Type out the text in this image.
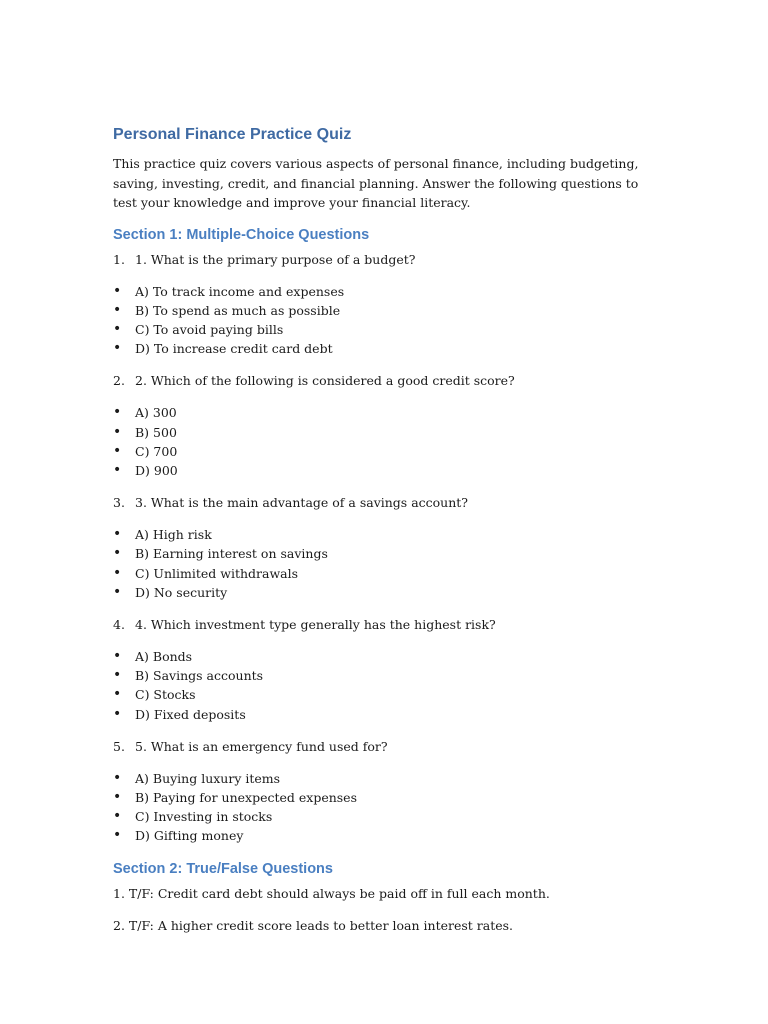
Personal Finance Practice Quiz

This practice quiz covers various aspects of personal finance, including budgeting, saving, investing, credit, and financial planning. Answer the following questions to test your knowledge and improve your financial literacy.

Section 1: Multiple-Choice Questions
1. 1. What is the primary purpose of a budget?
•	A) To track income and expenses
•	B) To spend as much as possible
•	C) To avoid paying bills
•	D) To increase credit card debt
2. 2. Which of the following is considered a good credit score?
•	A) 300
•	B) 500
•	C) 700
•	D) 900
3. 3. What is the main advantage of a savings account?
•	A) High risk
•	B) Earning interest on savings
•	C) Unlimited withdrawals
•	D) No security
4. 4. Which investment type generally has the highest risk?
•	A) Bonds
•	B) Savings accounts
•	C) Stocks
•	D) Fixed deposits
5. 5. What is an emergency fund used for?
•	A) Buying luxury items
•	B) Paying for unexpected expenses
•	C) Investing in stocks
•	D) Gifting money
Section 2: True/False Questions

1. T/F: Credit card debt should always be paid off in full each month.

2. T/F: A higher credit score leads to better loan interest rates.
